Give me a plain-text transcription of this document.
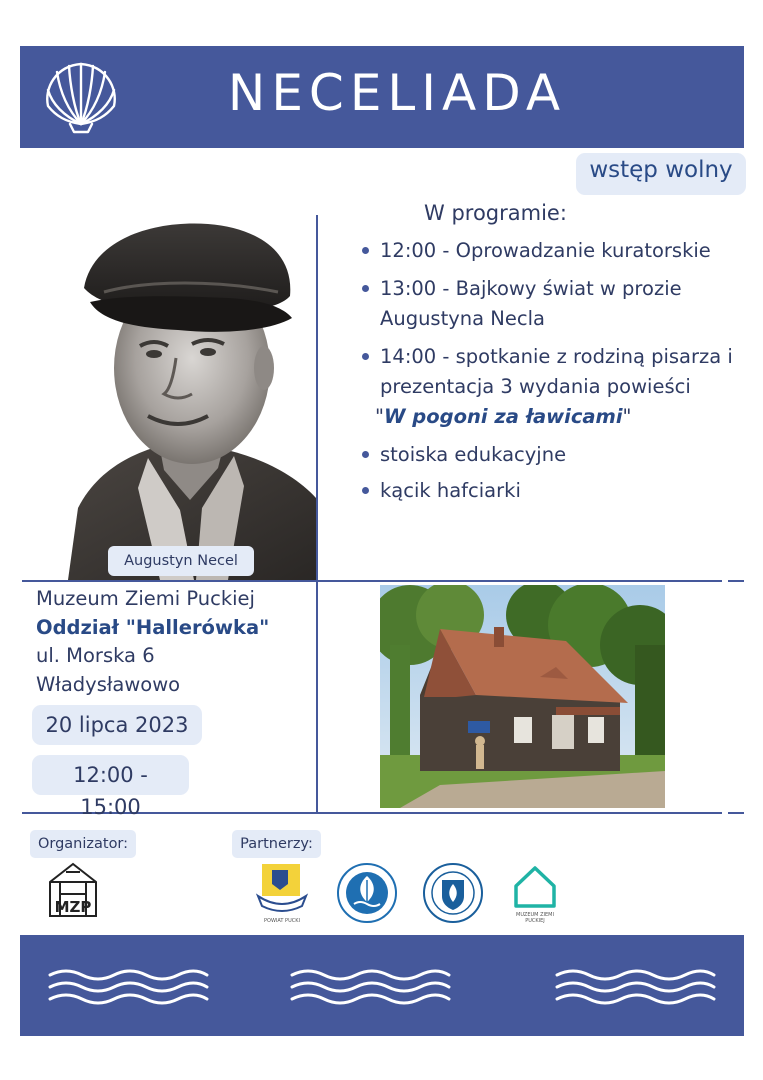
NECELIADA
wstęp wolny
Augustyn Necel
W programie:
12:00 - Oprowadzanie kuratorskie
13:00 - Bajkowy świat w prozie Augustyna Necla
14:00 - spotkanie z rodziną pisarza i prezentacja 3 wydania powieści
"W pogoni za ławicami"
stoiska edukacyjne
kącik hafciarki
Muzeum Ziemi Puckiej
Oddział "Hallerówka"
ul. Morska 6
Władysławowo
20 lipca 2023
12:00 - 15:00
Organizator:	Partnerzy:
MZP
POWIAT PUCKI
MUZEUM ZIEMI PUCKIEJ
